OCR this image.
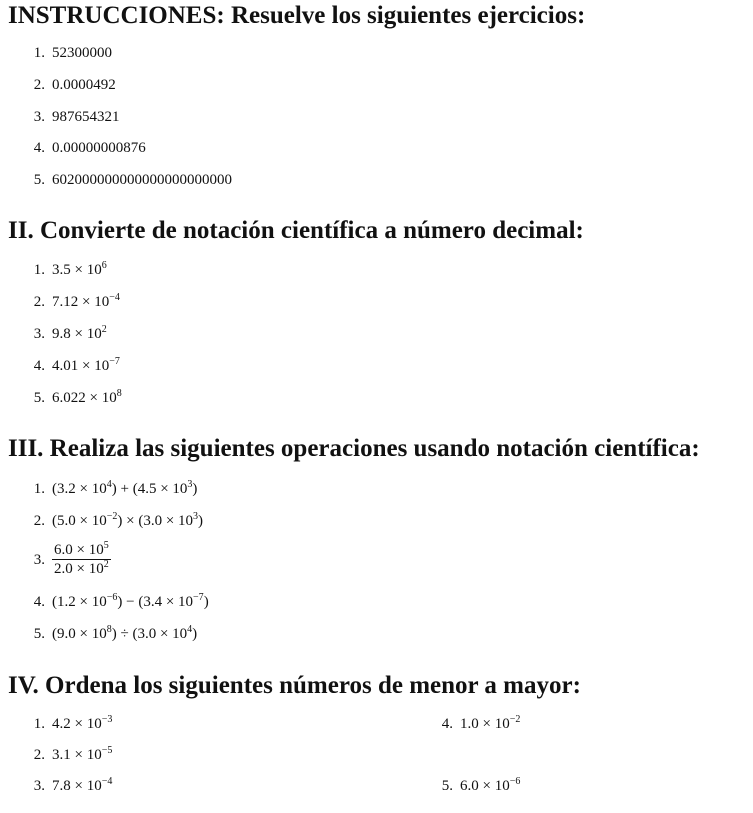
INSTRUCCIONES: Resuelve los siguientes ejercicios:
1. 52300000
2. 0.0000492
3. 987654321
4. 0.00000000876
5. 602000000000000000000000
II. Convierte de notación científica a número decimal:
1. $3.5 \times 10^6$
2. $7.12 \times 10^{-4}$
3. $9.8 \times 10^2$
4. $4.01 \times 10^{-7}$
5. $6.022 \times 10^8$
III. Realiza las siguientes operaciones usando notación científica:
1. $(3.2 \times 10^4) + (4.5 \times 10^3)$
2. $(5.0 \times 10^{-2}) \times (3.0 \times 10^3)$
3. $\frac{6.0 \times 10^5}{2.0 \times 10^2}$
4. $(1.2 \times 10^{-6}) - (3.4 \times 10^{-7})$
5. $(9.0 \times 10^8) \div (3.0 \times 10^4)$
IV. Ordena los siguientes números de menor a mayor:
1. $4.2 \times 10^{-3}$
2. $3.1 \times 10^{-5}$
3. $7.8 \times 10^{-4}$
4. $1.0 \times 10^{-2}$
5. $6.0 \times 10^{-6}$
